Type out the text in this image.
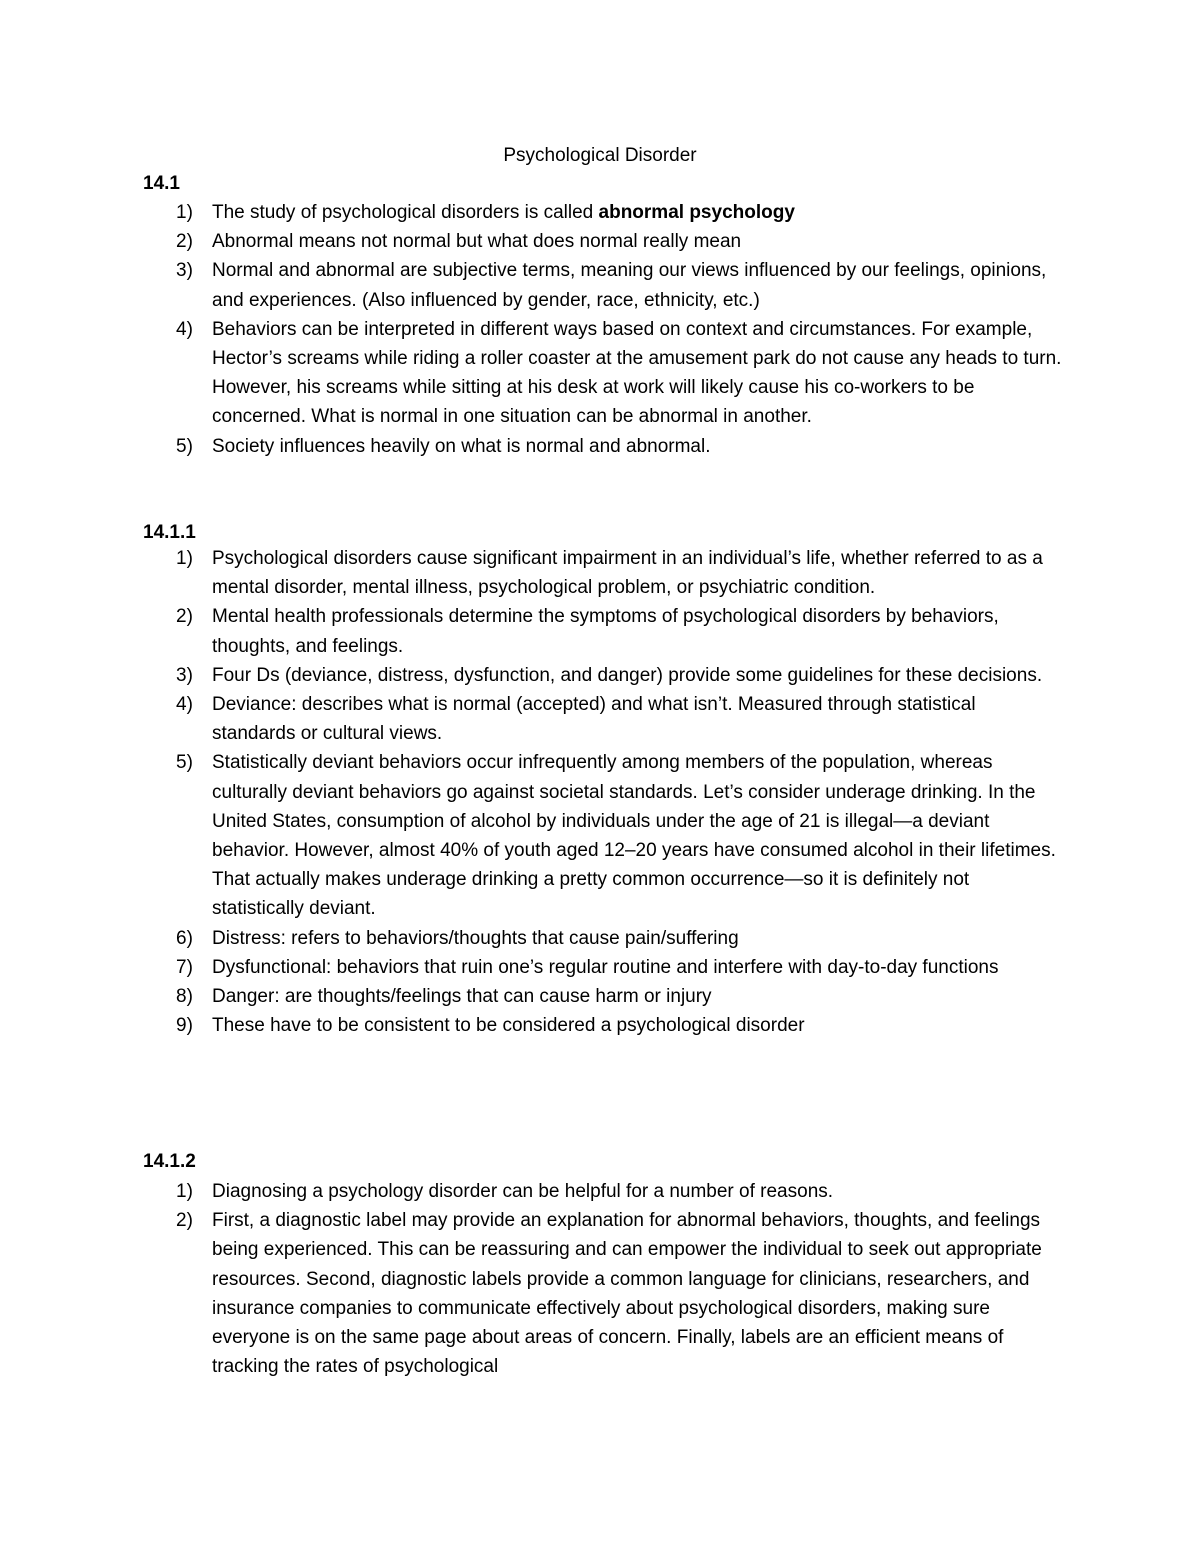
Psychological Disorder
14.1
1) The study of psychological disorders is called abnormal psychology
2) Abnormal means not normal but what does normal really mean
3) Normal and abnormal are subjective terms, meaning our views influenced by our feelings, opinions, and experiences. (Also influenced by gender, race, ethnicity, etc.)
4) Behaviors can be interpreted in different ways based on context and circumstances. For example, Hector’s screams while riding a roller coaster at the amusement park do not cause any heads to turn. However, his screams while sitting at his desk at work will likely cause his co-workers to be concerned. What is normal in one situation can be abnormal in another.
5) Society influences heavily on what is normal and abnormal.
14.1.1
1) Psychological disorders cause significant impairment in an individual’s life, whether referred to as a mental disorder, mental illness, psychological problem, or psychiatric condition.
2) Mental health professionals determine the symptoms of psychological disorders by behaviors, thoughts, and feelings.
3) Four Ds (deviance, distress, dysfunction, and danger) provide some guidelines for these decisions.
4) Deviance: describes what is normal (accepted) and what isn’t. Measured through statistical standards or cultural views.
5) Statistically deviant behaviors occur infrequently among members of the population, whereas culturally deviant behaviors go against societal standards. Let’s consider underage drinking. In the United States, consumption of alcohol by individuals under the age of 21 is illegal—a deviant behavior. However, almost 40% of youth aged 12–20 years have consumed alcohol in their lifetimes. That actually makes underage drinking a pretty common occurrence—so it is definitely not statistically deviant.
6) Distress: refers to behaviors/thoughts that cause pain/suffering
7) Dysfunctional: behaviors that ruin one’s regular routine and interfere with day-to-day functions
8) Danger: are thoughts/feelings that can cause harm or injury
9) These have to be consistent to be considered a psychological disorder
14.1.2
1) Diagnosing a psychology disorder can be helpful for a number of reasons.
2) First, a diagnostic label may provide an explanation for abnormal behaviors, thoughts, and feelings being experienced. This can be reassuring and can empower the individual to seek out appropriate resources. Second, diagnostic labels provide a common language for clinicians, researchers, and insurance companies to communicate effectively about psychological disorders, making sure  everyone is on the same page about areas of concern. Finally, labels are an efficient means of tracking the rates of psychological
